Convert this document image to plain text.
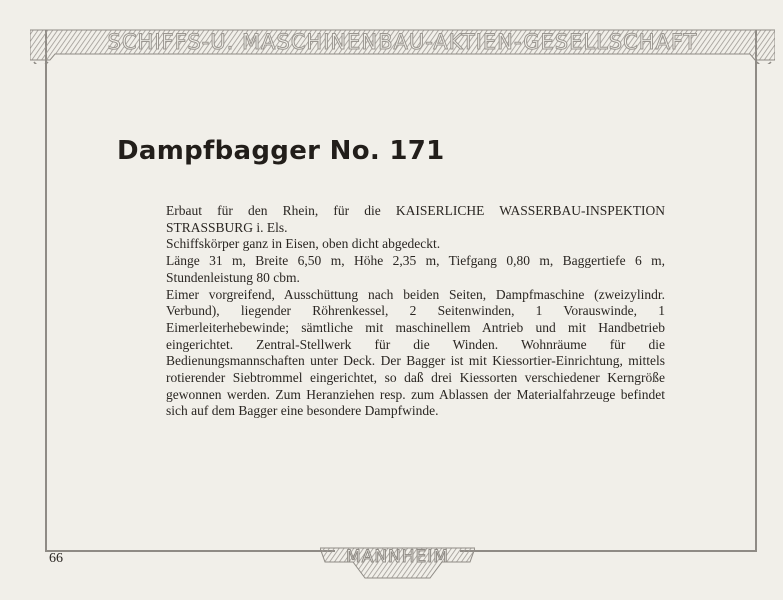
SCHIFFS-U. MASCHINENBAU-AKTIEN-GESELLSCHAFT
Dampfbagger No. 171

Erbaut für den Rhein, für die KAISERLICHE WASSERBAU-INSPEKTION STRASSBURG i. Els.

Schiffskörper ganz in Eisen, oben dicht abgedeckt.

Länge 31 m, Breite 6,50 m, Höhe 2,35 m, Tiefgang 0,80 m, Baggertiefe 6 m, Stundenleistung 80 cbm.

Eimer vorgreifend, Ausschüttung nach beiden Seiten, Dampfmaschine (zweizylindr. Verbund), liegender Röhrenkessel, 2 Seitenwinden, 1 Vorauswinde, 1 Eimerleiterhebewinde; sämtliche mit maschinellem Antrieb und mit Handbetrieb eingerichtet. Zentral-Stellwerk für die Winden. Wohnräume für die Bedienungsmannschaften unter Deck. Der Bagger ist mit Kiessortier-Einrichtung, mittels rotierender Siebtrommel eingerichtet, so daß drei Kiessorten verschiedener Kerngröße gewonnen werden. Zum Heranziehen resp. zum Ablassen der Materialfahrzeuge befindet sich auf dem Bagger eine besondere Dampfwinde.

66	MANNHEIM
